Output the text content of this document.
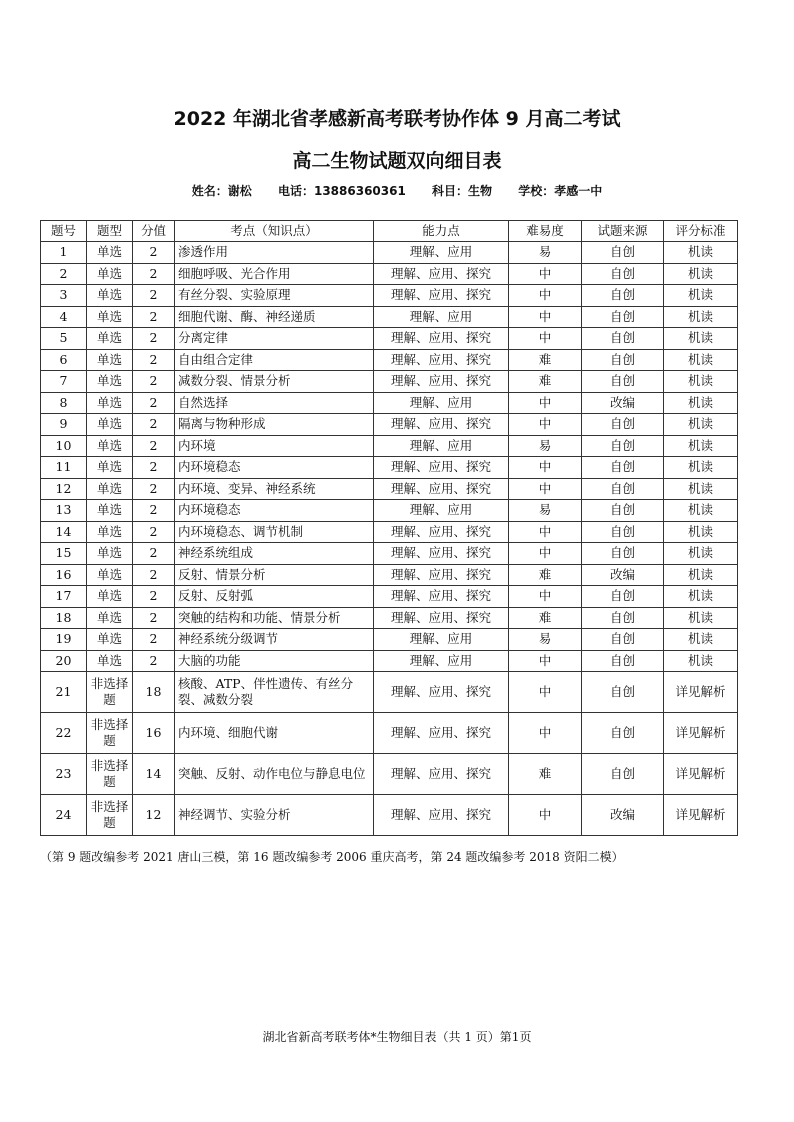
2022 年湖北省孝感新高考联考协作体 9 月高二考试
高二生物试题双向细目表
姓名：谢松 电话：13886360361 科目：生物 学校：孝感一中
题号	题型	分值	考点（知识点）	能力点	难易度	试题来源	评分标准
1	单选	2	渗透作用	理解、应用	易	自创	机读
2	单选	2	细胞呼吸、光合作用	理解、应用、探究	中	自创	机读
3	单选	2	有丝分裂、实验原理	理解、应用、探究	中	自创	机读
4	单选	2	细胞代谢、酶、神经递质	理解、应用	中	自创	机读
5	单选	2	分离定律	理解、应用、探究	中	自创	机读
6	单选	2	自由组合定律	理解、应用、探究	难	自创	机读
7	单选	2	减数分裂、情景分析	理解、应用、探究	难	自创	机读
8	单选	2	自然选择	理解、应用	中	改编	机读
9	单选	2	隔离与物种形成	理解、应用、探究	中	自创	机读
10	单选	2	内环境	理解、应用	易	自创	机读
11	单选	2	内环境稳态	理解、应用、探究	中	自创	机读
12	单选	2	内环境、变异、神经系统	理解、应用、探究	中	自创	机读
13	单选	2	内环境稳态	理解、应用	易	自创	机读
14	单选	2	内环境稳态、调节机制	理解、应用、探究	中	自创	机读
15	单选	2	神经系统组成	理解、应用、探究	中	自创	机读
16	单选	2	反射、情景分析	理解、应用、探究	难	改编	机读
17	单选	2	反射、反射弧	理解、应用、探究	中	自创	机读
18	单选	2	突触的结构和功能、情景分析	理解、应用、探究	难	自创	机读
19	单选	2	神经系统分级调节	理解、应用	易	自创	机读
20	单选	2	大脑的功能	理解、应用	中	自创	机读
21	非选择题	18	核酸、ATP、伴性遗传、有丝分裂、减数分裂	理解、应用、探究	中	自创	详见解析
22	非选择题	16	内环境、细胞代谢	理解、应用、探究	中	自创	详见解析
23	非选择题	14	突触、反射、动作电位与静息电位	理解、应用、探究	难	自创	详见解析
24	非选择题	12	神经调节、实验分析	理解、应用、探究	中	改编	详见解析
（第 9 题改编参考 2021 唐山三模，第 16 题改编参考 2006 重庆高考，第 24 题改编参考 2018 资阳二模）
湖北省新高考联考体*生物细目表（共 1 页）第1页
